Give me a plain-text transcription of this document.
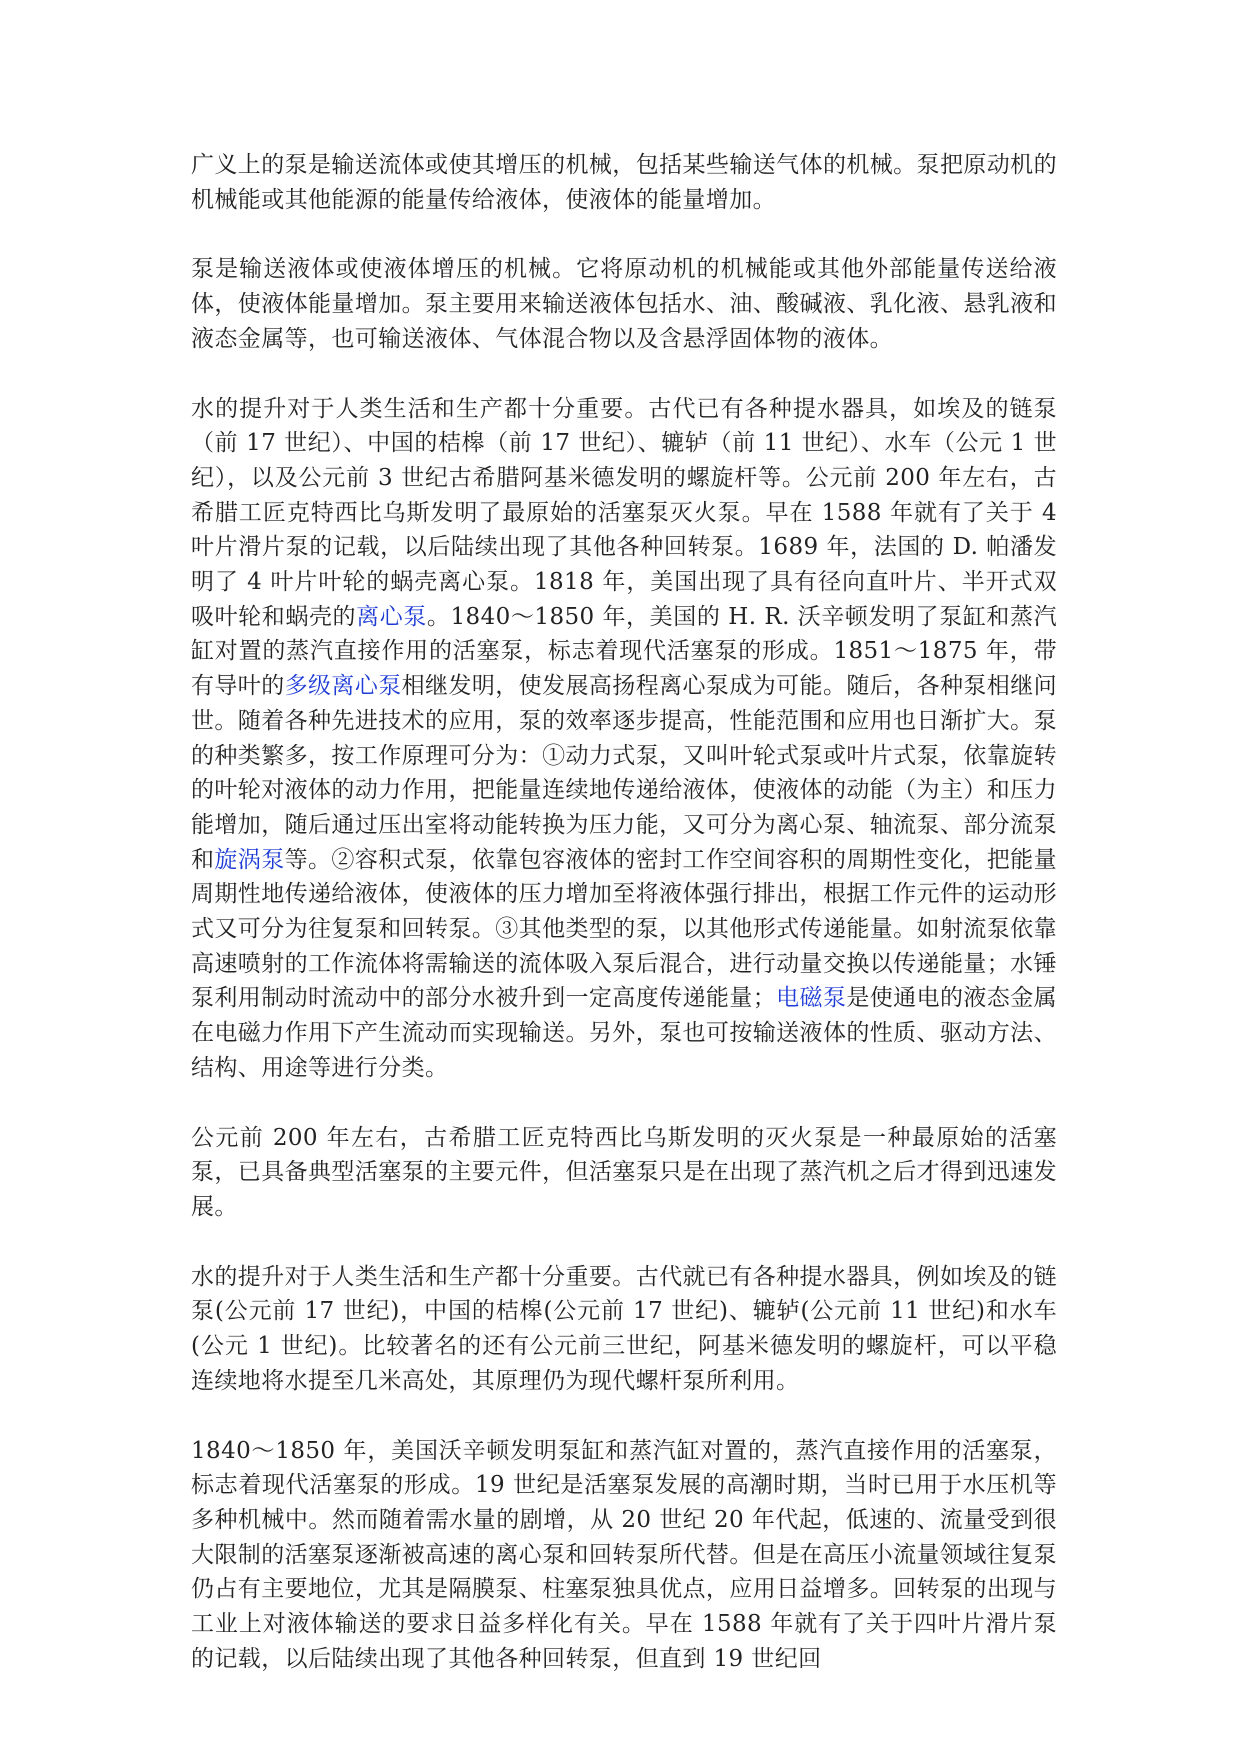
广义上的泵是输送流体或使其增压的机械，包括某些输送气体的机械。泵把原动机的机械能或其他能源的能量传给液体，使液体的能量增加。

泵是输送液体或使液体增压的机械。它将原动机的机械能或其他外部能量传送给液体，使液体能量增加。泵主要用来输送液体包括水、油、酸碱液、乳化液、悬乳液和液态金属等，也可输送液体、气体混合物以及含悬浮固体物的液体。

水的提升对于人类生活和生产都十分重要。古代已有各种提水器具，如埃及的链泵（前 17 世纪）、中国的桔槔（前 17 世纪）、辘轳（前 11 世纪）、水车（公元 1 世纪），以及公元前 3 世纪古希腊阿基米德发明的螺旋杆等。公元前 200 年左右，古希腊工匠克特西比乌斯发明了最原始的活塞泵灭火泵。早在 1588 年就有了关于 4 叶片滑片泵的记载，以后陆续出现了其他各种回转泵。1689 年，法国的 D. 帕潘发明了 4 叶片叶轮的蜗壳离心泵。1818 年，美国出现了具有径向直叶片、半开式双吸叶轮和蜗壳的离心泵。1840～1850 年，美国的 H. R. 沃辛顿发明了泵缸和蒸汽缸对置的蒸汽直接作用的活塞泵，标志着现代活塞泵的形成。1851～1875 年，带有导叶的多级离心泵相继发明，使发展高扬程离心泵成为可能。随后，各种泵相继问世。随着各种先进技术的应用，泵的效率逐步提高，性能范围和应用也日渐扩大。泵的种类繁多，按工作原理可分为：①动力式泵，又叫叶轮式泵或叶片式泵，依靠旋转的叶轮对液体的动力作用，把能量连续地传递给液体，使液体的动能（为主）和压力能增加，随后通过压出室将动能转换为压力能，又可分为离心泵、轴流泵、部分流泵和旋涡泵等。②容积式泵，依靠包容液体的密封工作空间容积的周期性变化，把能量周期性地传递给液体，使液体的压力增加至将液体强行排出，根据工作元件的运动形式又可分为往复泵和回转泵。③其他类型的泵，以其他形式传递能量。如射流泵依靠高速喷射的工作流体将需输送的流体吸入泵后混合，进行动量交换以传递能量；水锤泵利用制动时流动中的部分水被升到一定高度传递能量；电磁泵是使通电的液态金属在电磁力作用下产生流动而实现输送。另外，泵也可按输送液体的性质、驱动方法、结构、用途等进行分类。

公元前 200 年左右，古希腊工匠克特西比乌斯发明的灭火泵是一种最原始的活塞泵，已具备典型活塞泵的主要元件，但活塞泵只是在出现了蒸汽机之后才得到迅速发展。

水的提升对于人类生活和生产都十分重要。古代就已有各种提水器具，例如埃及的链泵(公元前 17 世纪)，中国的桔槔(公元前 17 世纪)、辘轳(公元前 11 世纪)和水车(公元 1 世纪)。比较著名的还有公元前三世纪，阿基米德发明的螺旋杆，可以平稳连续地将水提至几米高处，其原理仍为现代螺杆泵所利用。

1840～1850 年，美国沃辛顿发明泵缸和蒸汽缸对置的，蒸汽直接作用的活塞泵，标志着现代活塞泵的形成。19 世纪是活塞泵发展的高潮时期，当时已用于水压机等多种机械中。然而随着需水量的剧增，从 20 世纪 20 年代起，低速的、流量受到很大限制的活塞泵逐渐被高速的离心泵和回转泵所代替。但是在高压小流量领域往复泵仍占有主要地位，尤其是隔膜泵、柱塞泵独具优点，应用日益增多。回转泵的出现与工业上对液体输送的要求日益多样化有关。早在 1588 年就有了关于四叶片滑片泵的记载，以后陆续出现了其他各种回转泵，但直到 19 世纪回
